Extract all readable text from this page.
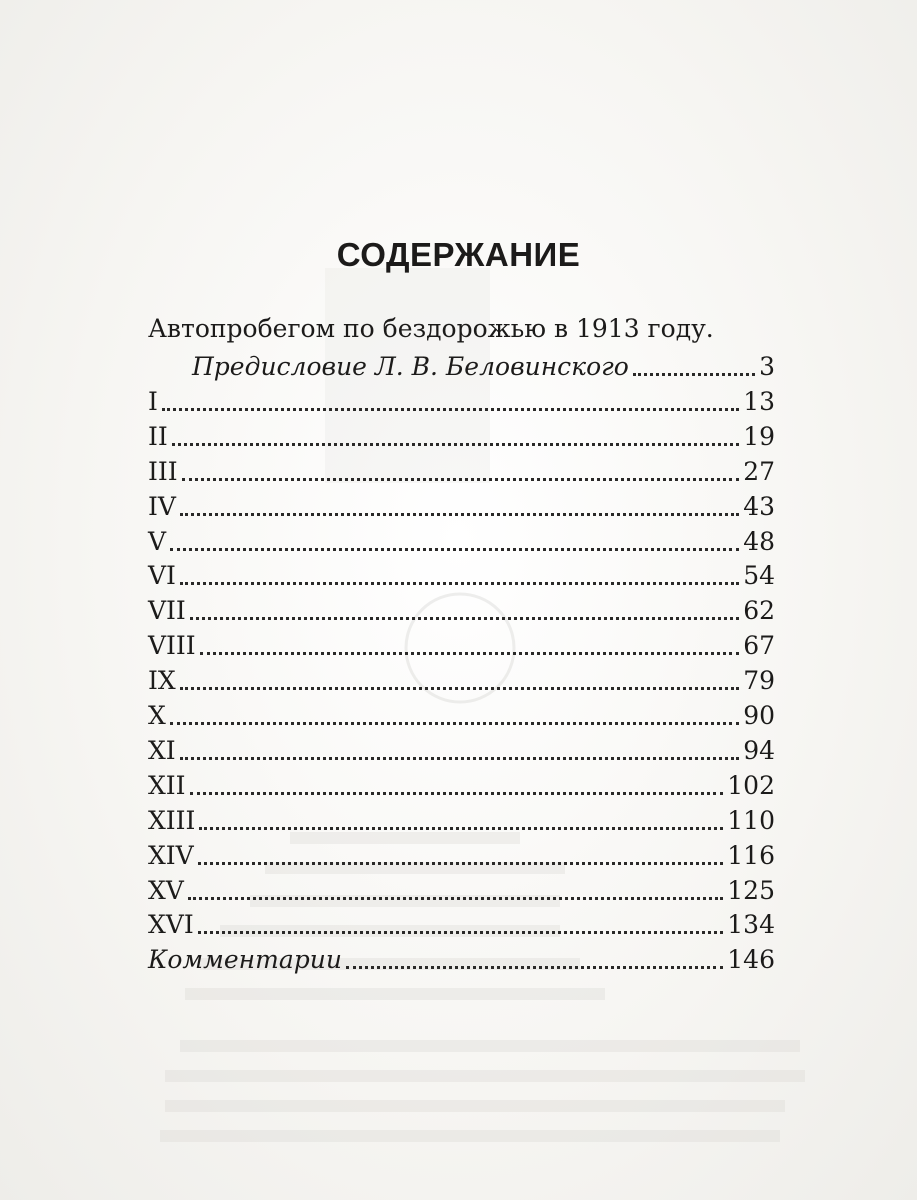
СОДЕРЖАНИЕ
Автопробегом по бездорожью в 1913 году.
Предисловие Л. В. Беловинского	3
I	13
II	19
III	27
IV	43
V	48
VI	54
VII	62
VIII	67
IX	79
X	90
XI	94
XII	102
XIII	110
XIV	116
XV	125
XVI	134
Комментарии	146
